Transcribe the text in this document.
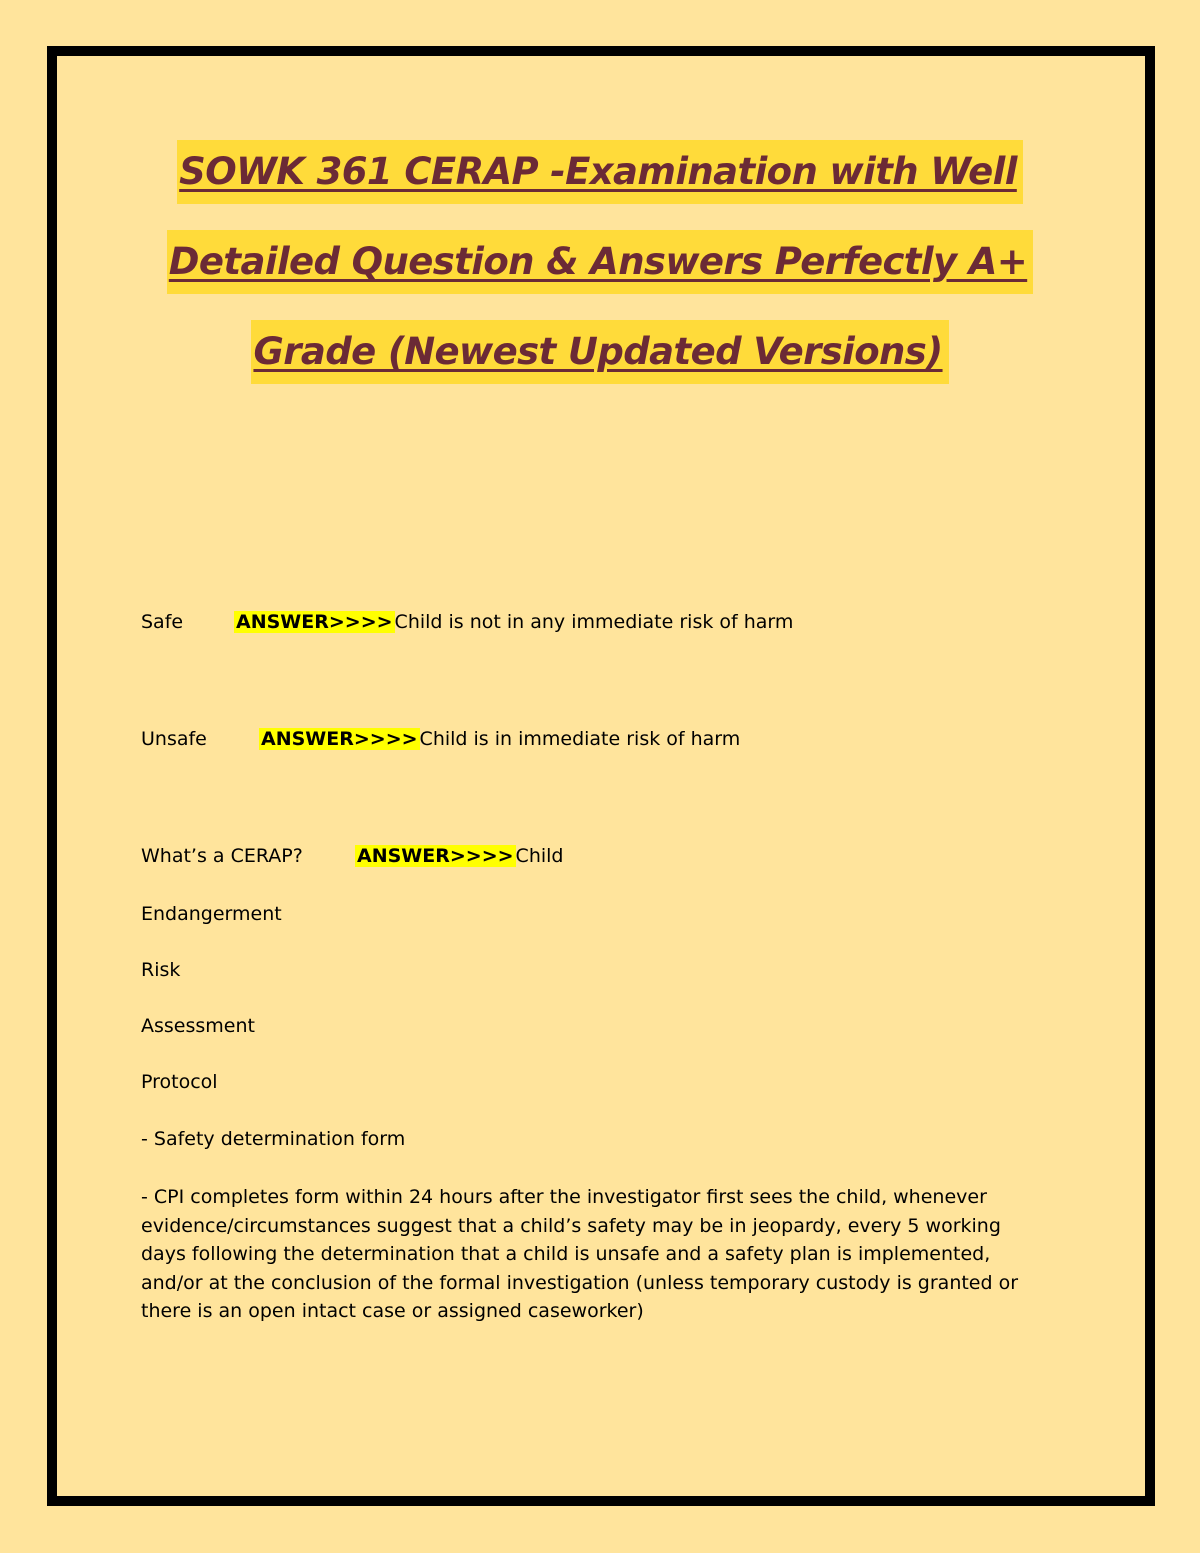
SOWK 361 CERAP -Examination with Well
Detailed Question & Answers Perfectly A+
Grade (Newest Updated Versions)
Safe	ANSWER>>>> Child is not in any immediate risk of harm
Unsafe	ANSWER>>>> Child is in immediate risk of harm
What’s a CERAP?	ANSWER>>>> Child
Endangerment
Risk
Assessment
Protocol
- Safety determination form
- CPI completes form within 24 hours after the investigator first sees the child, whenever evidence/circumstances suggest that a child’s safety may be in jeopardy, every 5 working days following the determination that a child is unsafe and a safety plan is implemented, and/or at the conclusion of the formal investigation (unless temporary custody is granted or there is an open intact case or assigned caseworker)
